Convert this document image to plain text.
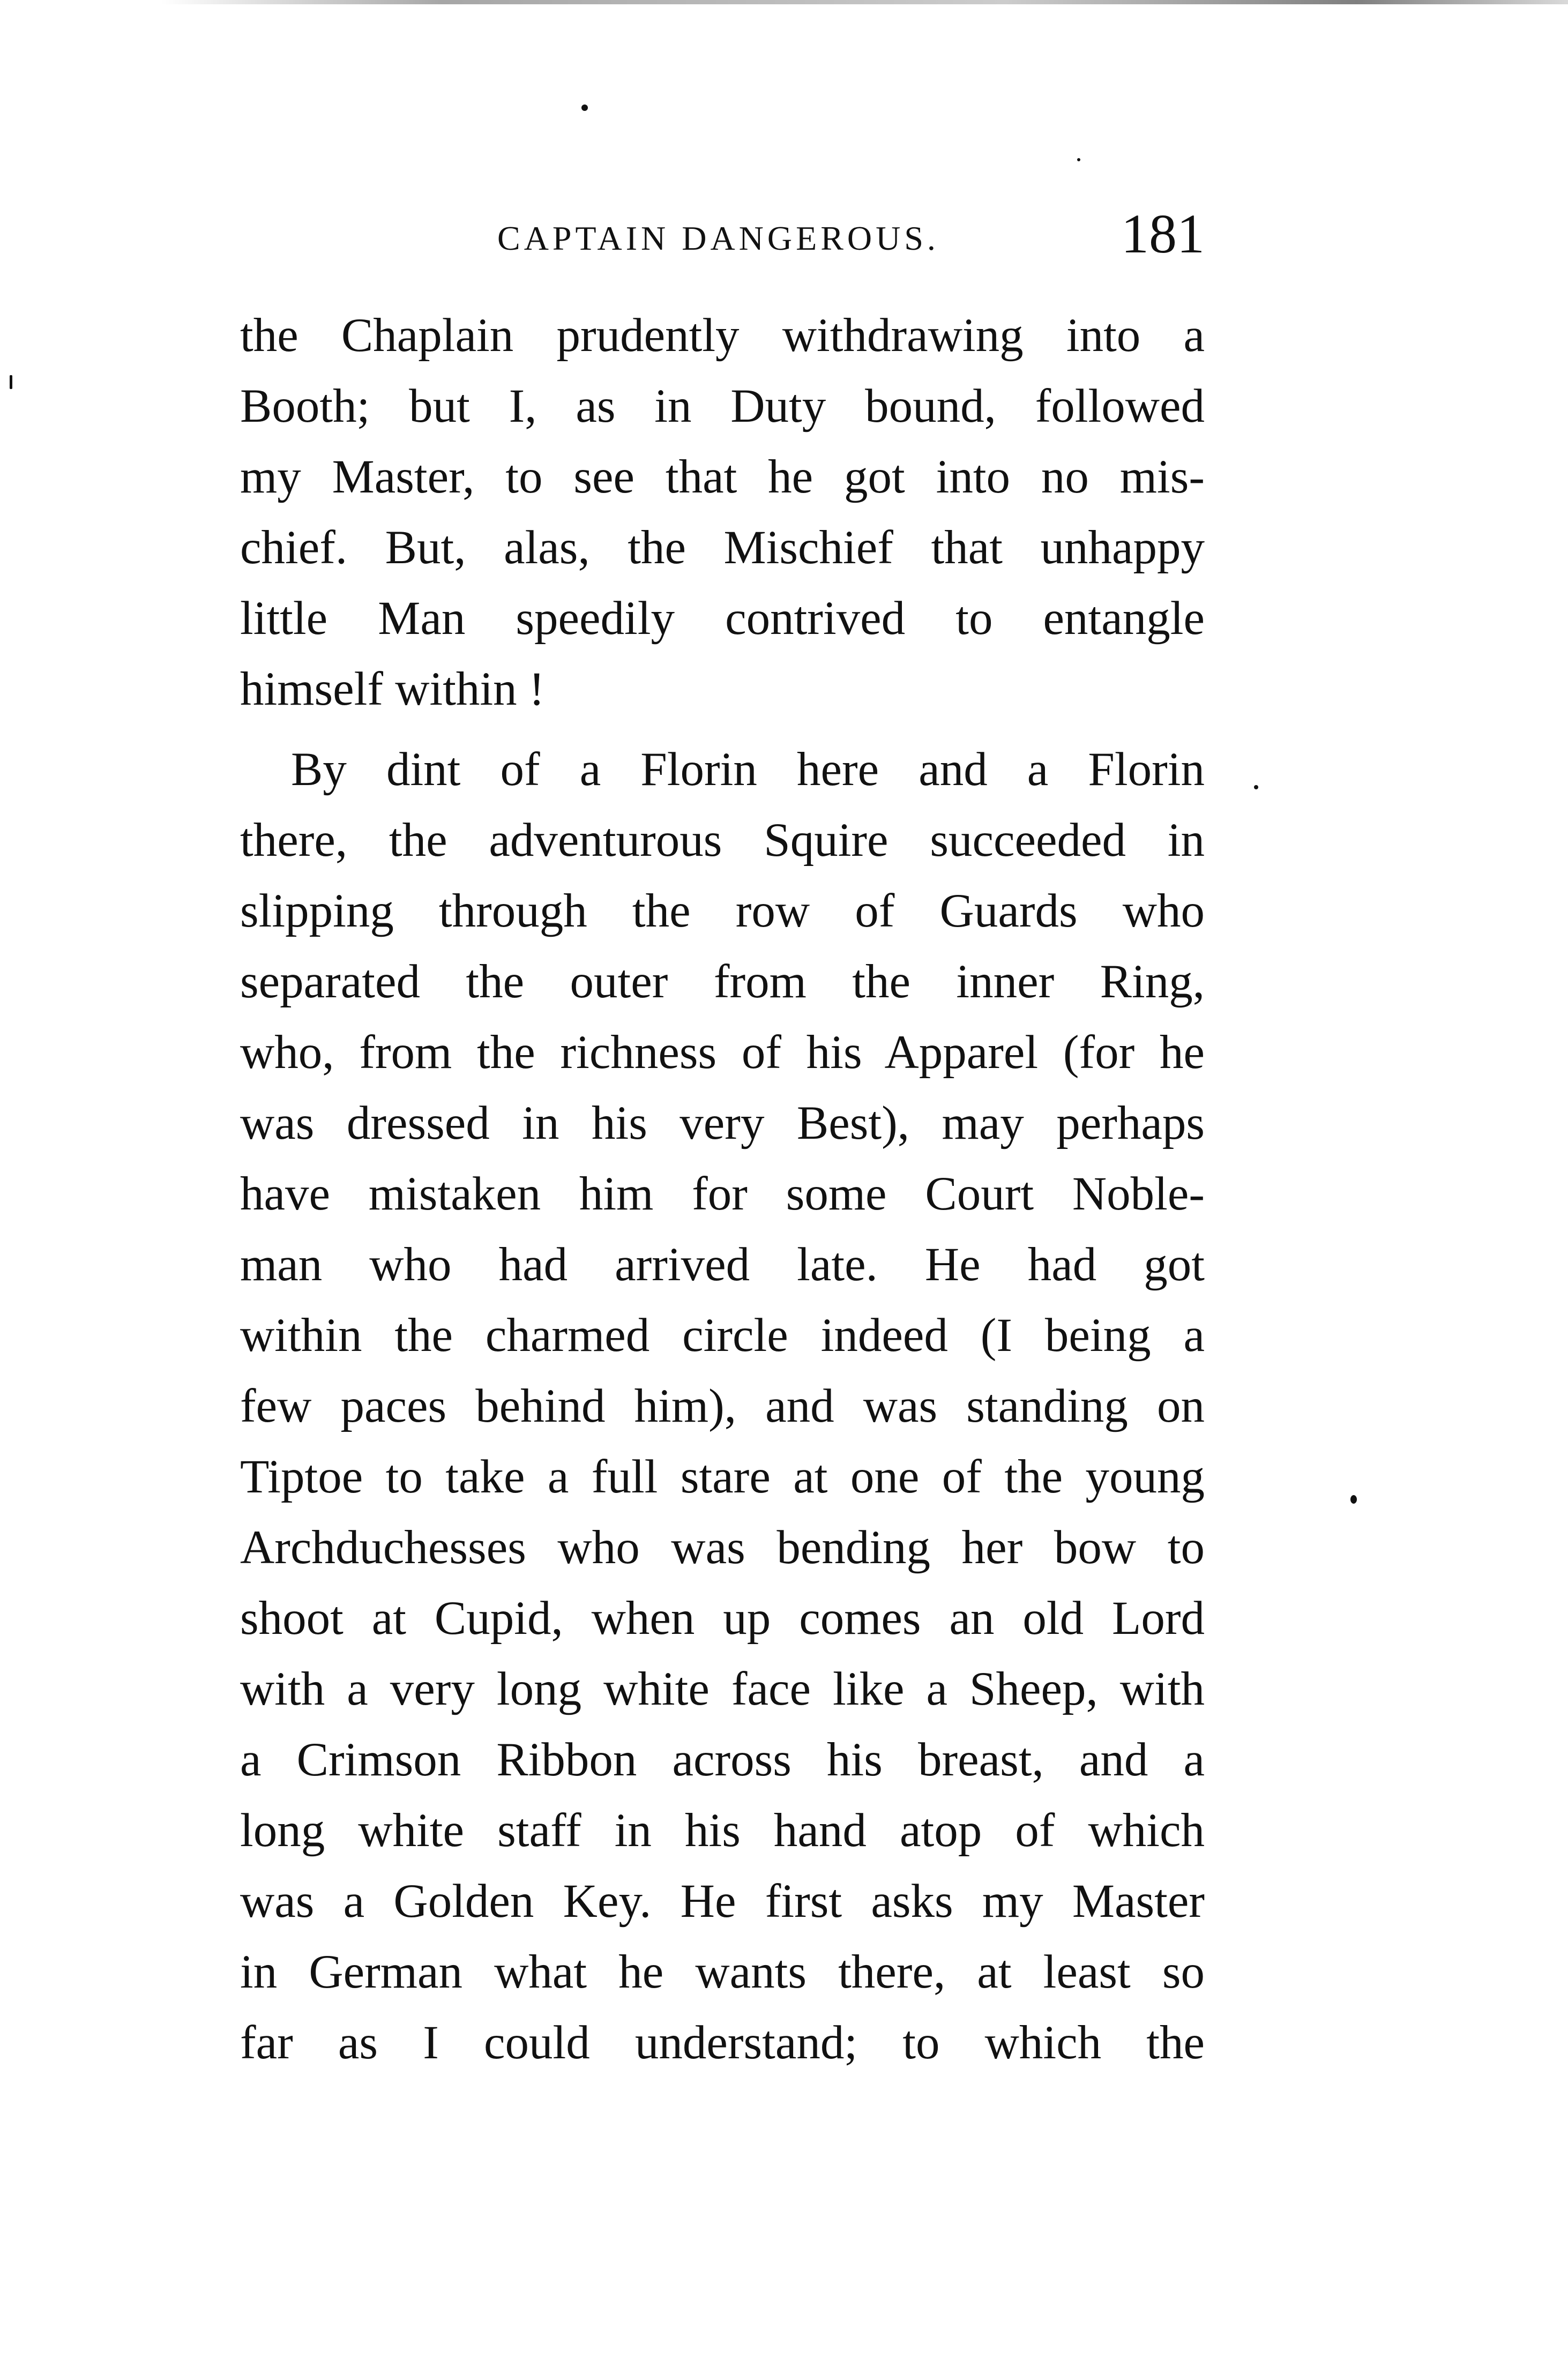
CAPTAIN DANGEROUS.	181
the Chaplain prudently withdrawing into a
Booth; but I, as in Duty bound, followed
my Master, to see that he got into no mis-
chief. But, alas, the Mischief that unhappy
little Man speedily contrived to entangle
himself within !
By dint of a Florin here and a Florin
there, the adventurous Squire succeeded in
slipping through the row of Guards who
separated the outer from the inner Ring,
who, from the richness of his Apparel (for he
was dressed in his very Best), may perhaps
have mistaken him for some Court Noble-
man who had arrived late. He had got
within the charmed circle indeed (I being a
few paces behind him), and was standing on
Tiptoe to take a full stare at one of the young
Archduchesses who was bending her bow to
shoot at Cupid, when up comes an old Lord
with a very long white face like a Sheep, with
a Crimson Ribbon across his breast, and a
long white staff in his hand atop of which
was a Golden Key. He first asks my Master
in German what he wants there, at least so
far as I could understand; to which the
